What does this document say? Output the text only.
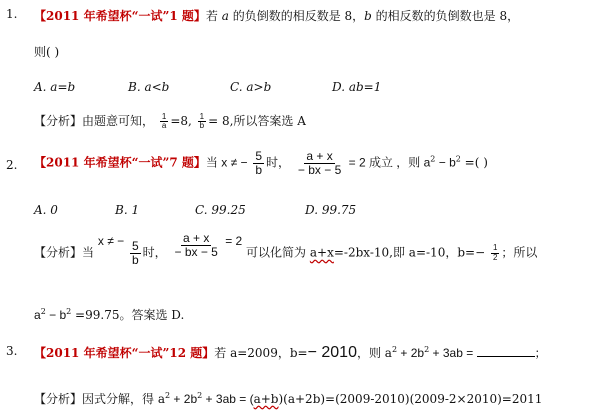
1. 【2011 年希望杯“一试”1 题】若 a 的负倒数的相反数是 8，b 的相反数的负倒数也是 8，
则( )
A. a=b	B. a<b	C. a>b	D. ab=1
【分析】由题意可知， $\frac{1}{a} =8$, $\frac{1}{b} = 8$,所以答案选 A
2. 【2011 年希望杯“一试”7 题】当 x ≠ − $\frac{5}{b}$ 时， $\frac{a + x}{- bx - 5} = 2$ 成立 ，则 $a^2 - b^2$ =( )
A. 0	B. 1	C. 99.25	D. 99.75
【分析】当 x ≠ − $\frac{5}{b}$ 时， $\frac{a + x}{- bx - 5} = 2$ 可以化简为 a+x=-2bx-10,即 a=-10，$b=- \frac{1}{2}$ ；所以
$a^2 - b^2 =99.75$。答案选 D.
3. 【2011 年希望杯“一试”12 题】若 a=2009，b=− 2010，则 $a^2 + 2b^2 + 3ab$ =	；
【分析】因式分解，得 $a^2 + 2b^2 + 3ab = (a+b)(a+2b)=(2009-2010)(2009-2\times 2010)=2011$
